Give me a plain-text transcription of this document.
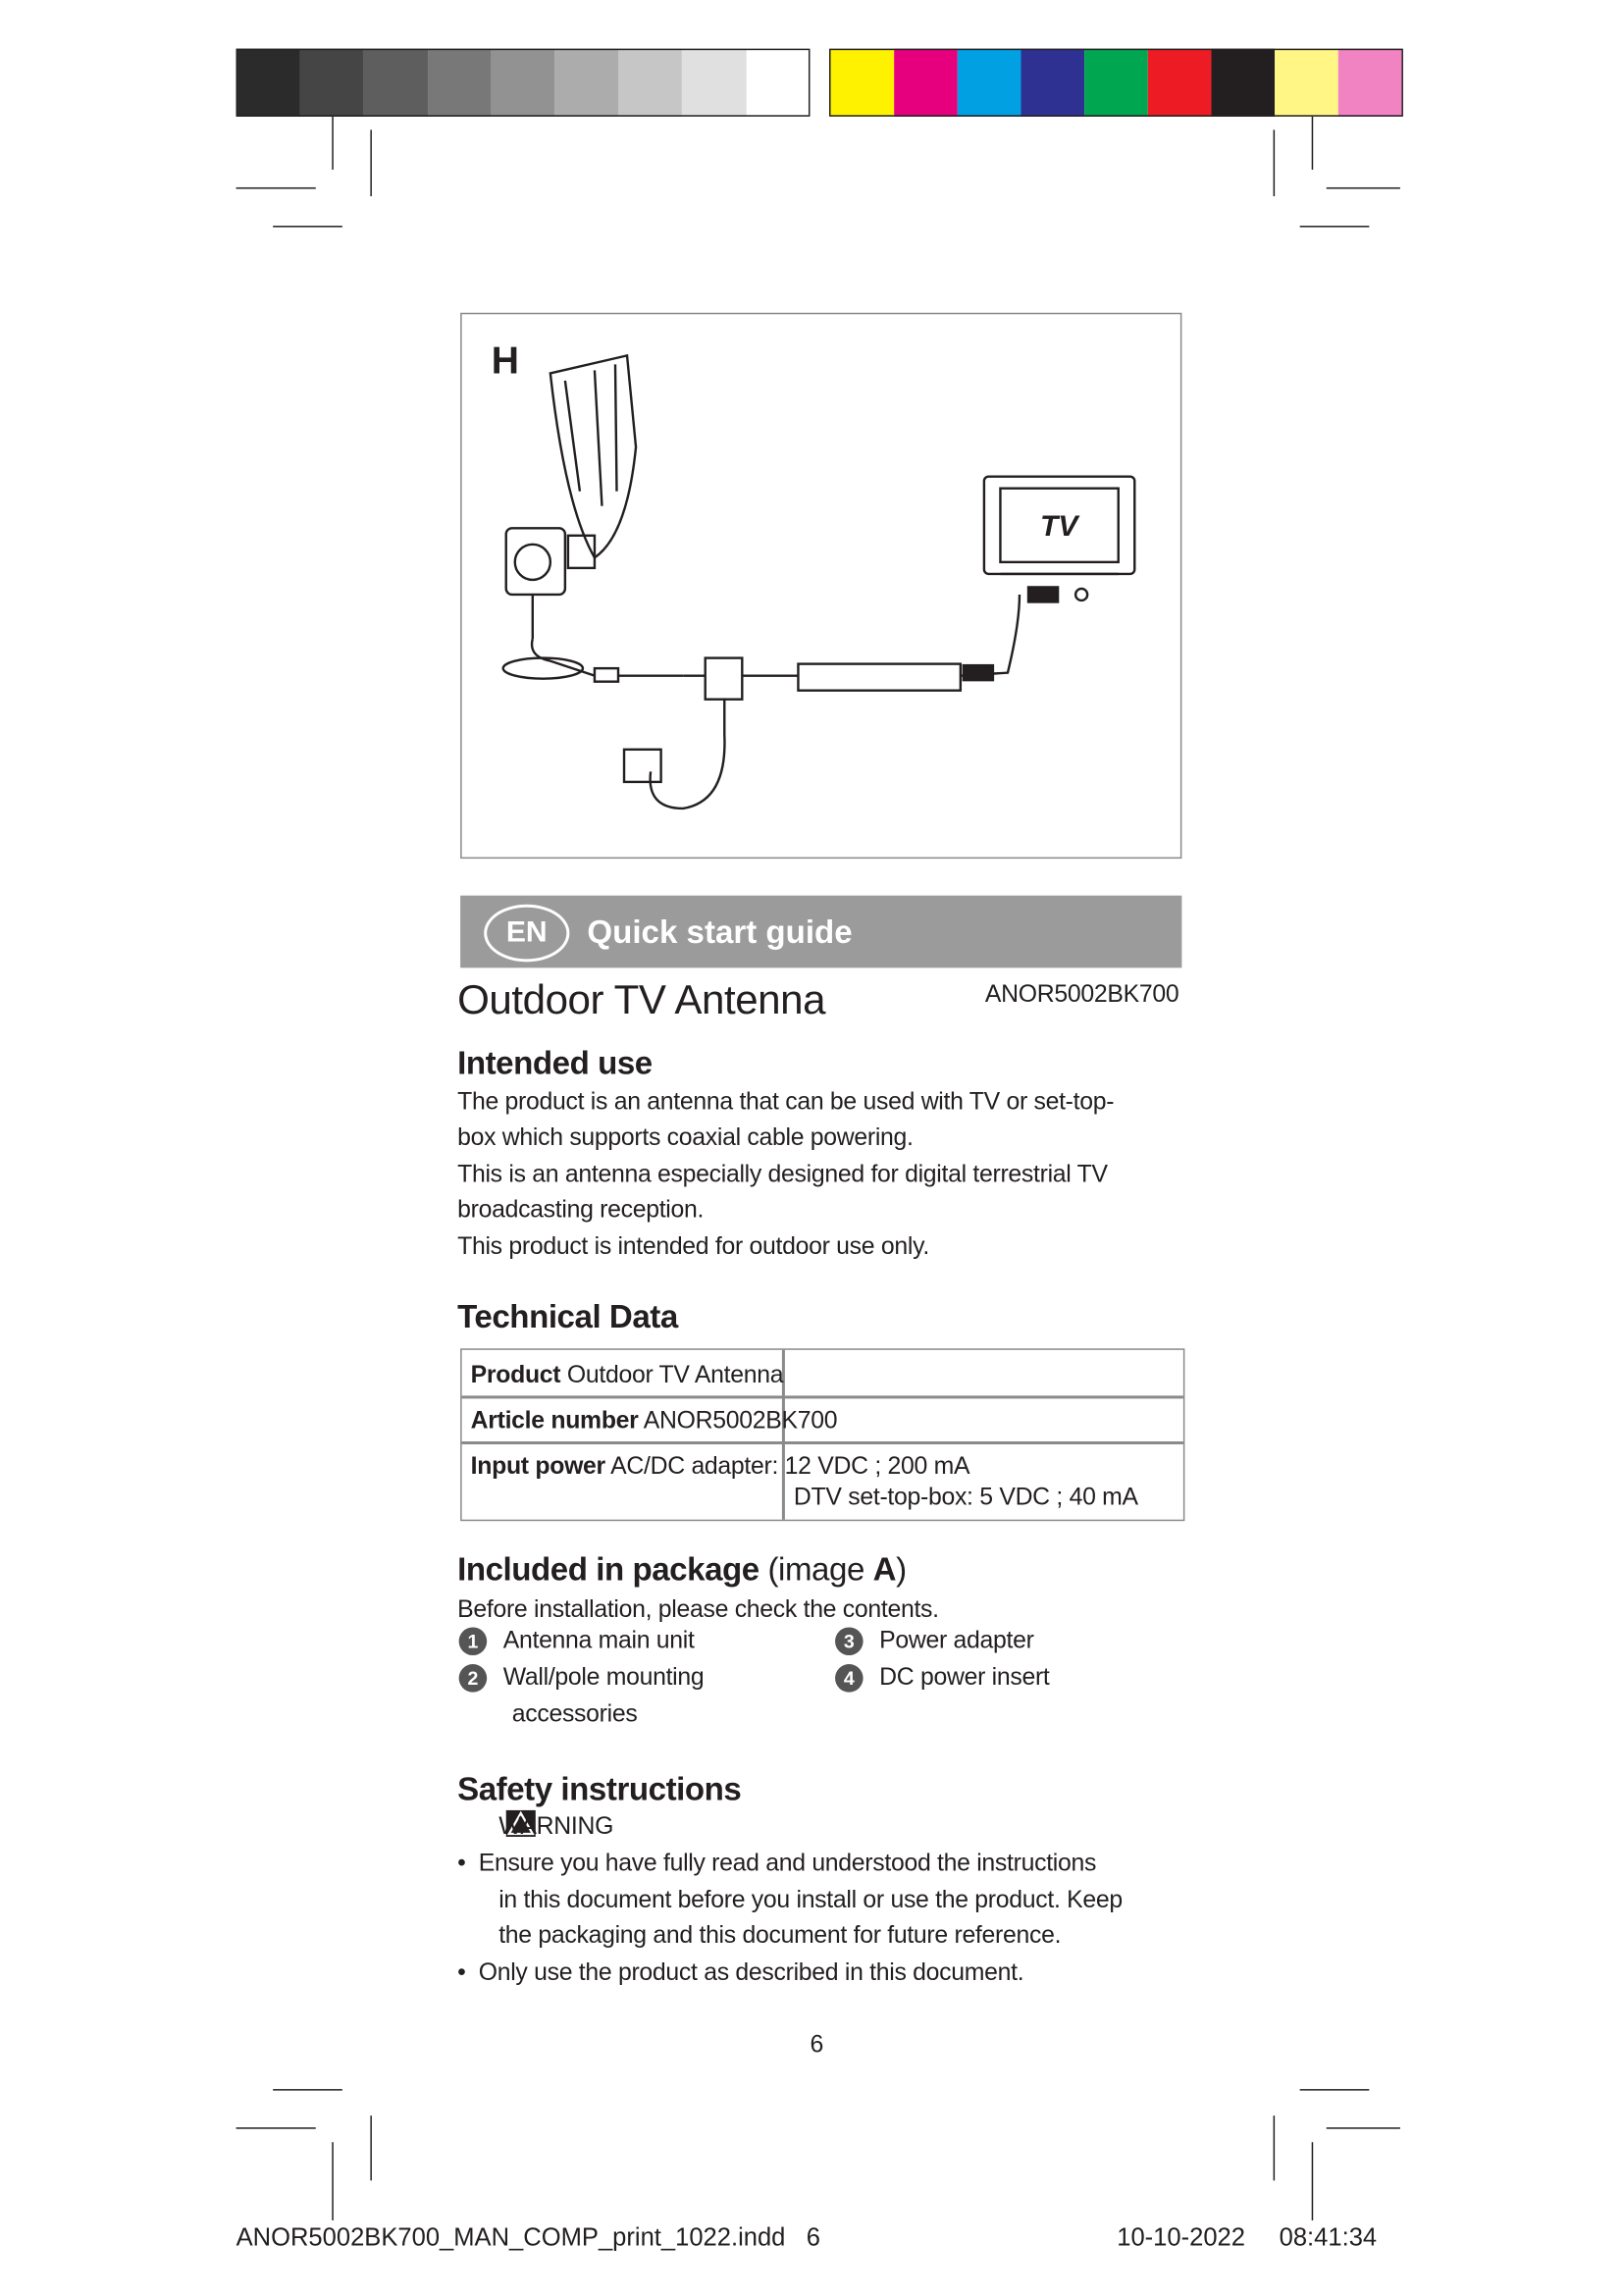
H
TV
EN	Quick start guide
Outdoor TV Antenna	ANOR5002BK700
Intended use
The product is an antenna that can be used with TV or set-top-
box which supports coaxial cable powering.
This is an antenna especially designed for digital terrestrial TV
broadcasting reception.
This product is intended for outdoor use only.
Technical Data
Product Outdoor TV Antenna
Article number ANOR5002BK700
Input power AC/DC adapter: 12 VDC ; 200 mA
DTV set-top-box: 5 VDC ; 40 mA
Included in package (image A)
Before installation, please check the contents.
1	Antenna main unit
2	Wall/pole mounting
accessories
3	Power adapter
4	DC power insert
Safety instructions
WARNING
•  Ensure you have fully read and understood the instructions
in this document before you install or use the product. Keep
the packaging and this document for future reference.
•  Only use the product as described in this document.
6
ANOR5002BK700_MAN_COMP_print_1022.indd   6	10-10-2022 08:41:34
